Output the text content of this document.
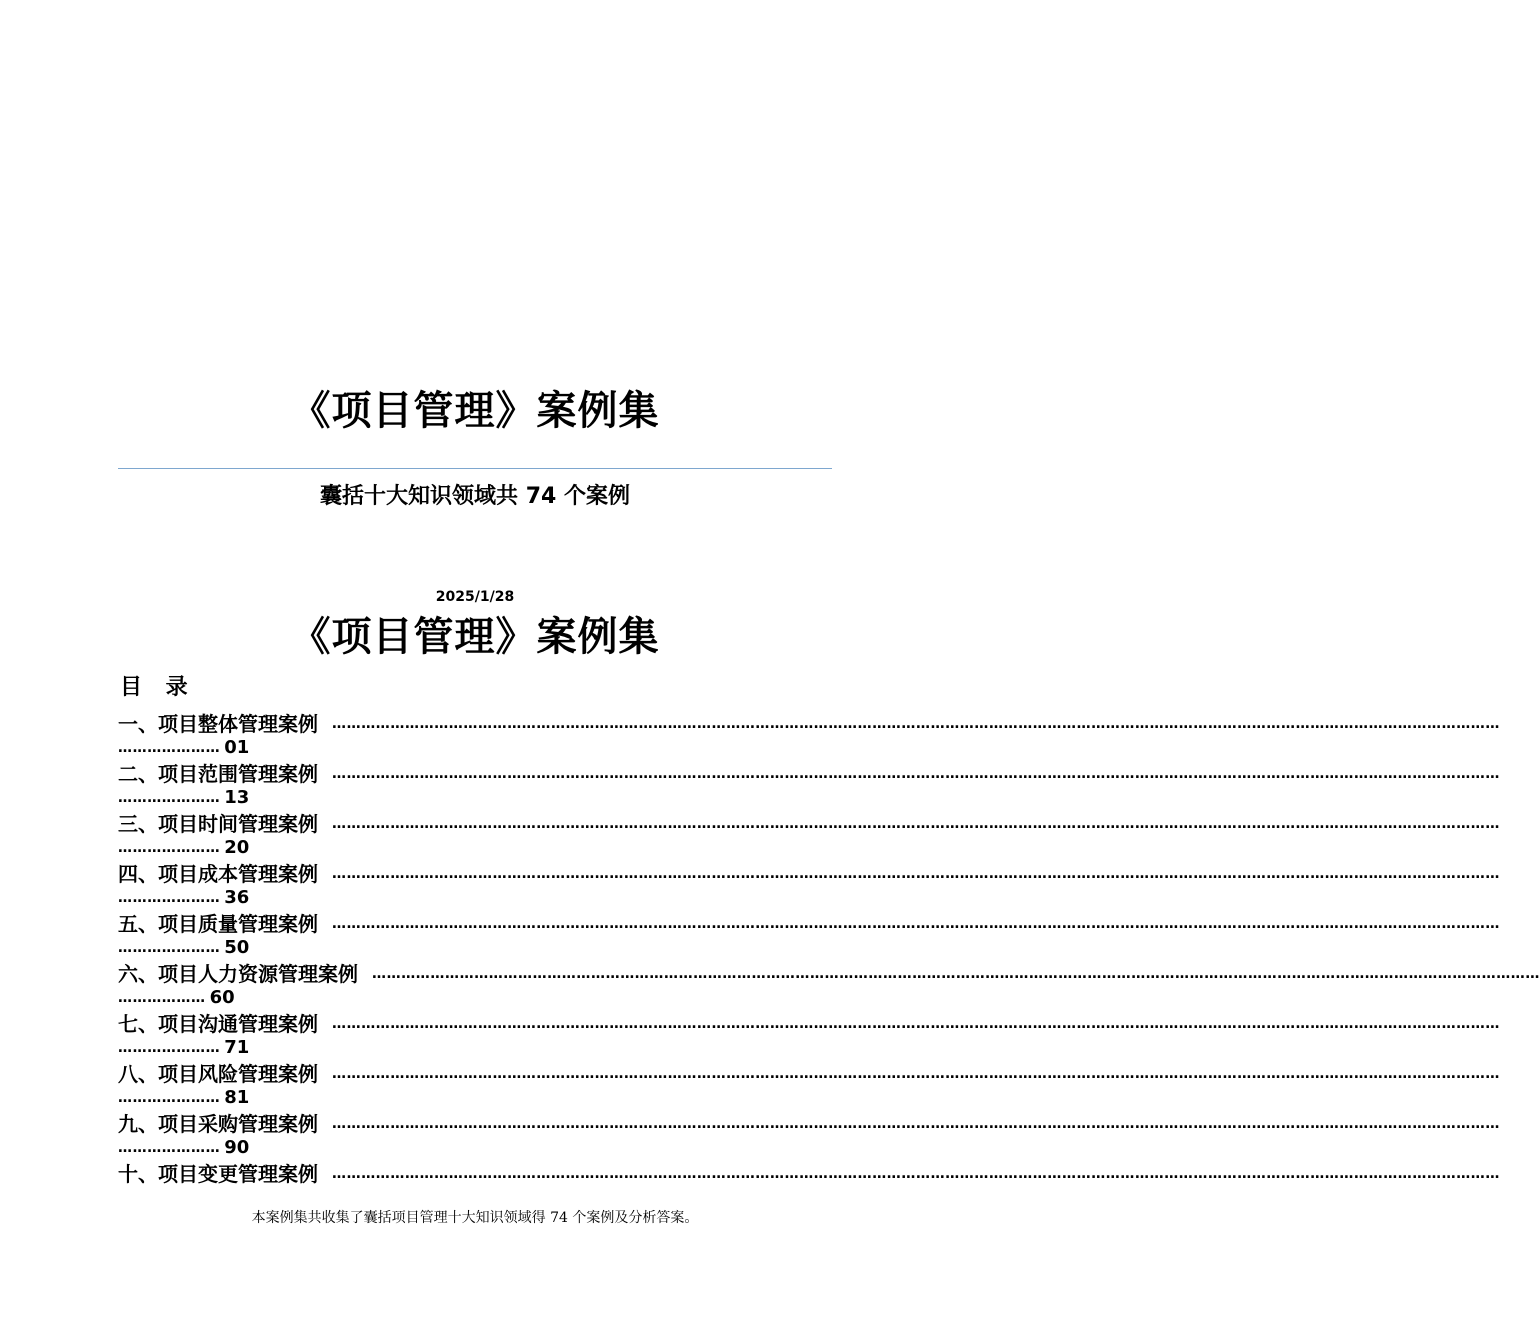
《项目管理》案例集
囊括十大知识领域共 74 个案例
2025/1/28
《项目管理》案例集
目 录
一、项目整体管理案例 ……………………………………………………………………………………………………………………………………………………………………………………………………………………
………………… 01
二、项目范围管理案例 ……………………………………………………………………………………………………………………………………………………………………………………………………………………
………………… 13
三、项目时间管理案例 ……………………………………………………………………………………………………………………………………………………………………………………………………………………
………………… 20
四、项目成本管理案例 ……………………………………………………………………………………………………………………………………………………………………………………………………………………
………………… 36
五、项目质量管理案例 ……………………………………………………………………………………………………………………………………………………………………………………………………………………
………………… 50
六、项目人力资源管理案例 ……………………………………………………………………………………………………………………………………………………………………………………………………………………
……………… 60
七、项目沟通管理案例 ……………………………………………………………………………………………………………………………………………………………………………………………………………………
………………… 71
八、项目风险管理案例 ……………………………………………………………………………………………………………………………………………………………………………………………………………………
………………… 81
九、项目采购管理案例 ……………………………………………………………………………………………………………………………………………………………………………………………………………………
………………… 90
十、项目变更管理案例 ……………………………………………………………………………………………………………………………………………………………………………………………………………………
本案例集共收集了囊括项目管理十大知识领域得 74 个案例及分析答案。
